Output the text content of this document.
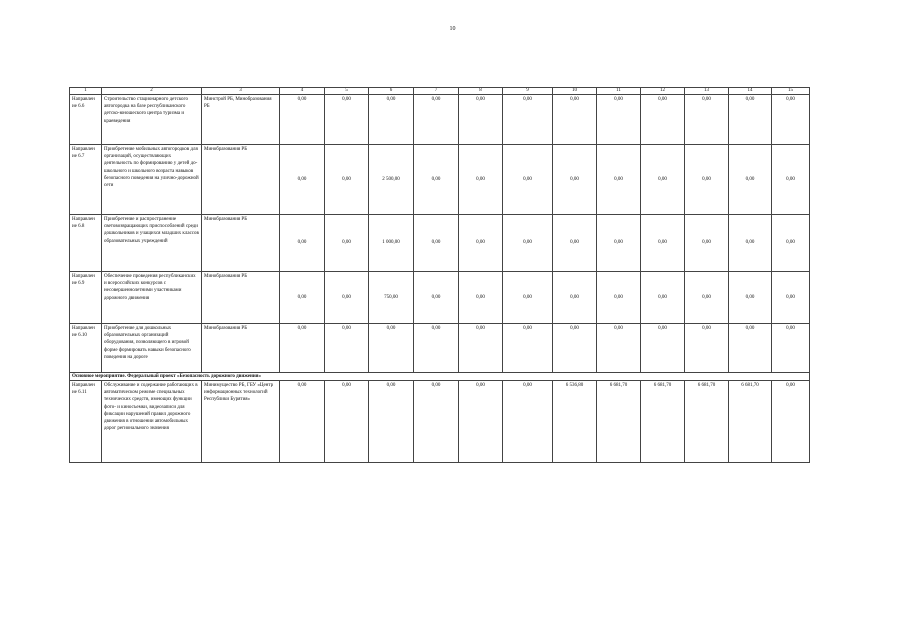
10
1	2	3	4	5	6	7	8	9	10	11	12	13	14	15
Направлен ие 6.6	Строительство стационарного детского автогородка на базе республиканского детско-юношеского центра туризма и краеведения	Минстрой РБ, Минобразования РБ	0,00	0,00	0,00	0,00	0,00	0,00	0,00	0,00	0,00	0,00	0,00	0,00
Направлен ие 6.7	Приобретение мобильных автогородков для организаций, осуществляющих деятельность по формированию у детей до-школьного и школьного возраста навыков безопасного поведения на улично-дорожной сети	Минобразования РБ	0,00	0,00	2 500,00	0,00	0,00	0,00	0,00	0,00	0,00	0,00	0,00	0,00
Направлен ие 6.8	Приобретение и распространение световозвращающих приспособлений среди дошкольников и учащихся младших классов образовательных учреждений	Минобразования РБ	0,00	0,00	1 000,00	0,00	0,00	0,00	0,00	0,00	0,00	0,00	0,00	0,00
Направлен ие 6.9	Обеспечение проведения республиканских и всероссийских конкурсов с несовершеннолетними участниками дорожного движения	Минобразования РБ	0,00	0,00	750,00	0,00	0,00	0,00	0,00	0,00	0,00	0,00	0,00	0,00
Направлен ие 6.10	Приобретение для дошкольных образовательных организаций оборудования, позволяющего в игровой форме формировать навыки безопасного поведения на дороге	Минобразования РБ	0,00	0,00	0,00	0,00	0,00	0,00	0,00	0,00	0,00	0,00	0,00	0,00
Основное мероприятие. Федеральный проект «Безопасность дорожного движения»														
Направлен ие 6.11	Обслуживание и содержание работающих в автоматическом режиме специальных технических средств, имеющих функции фото- и киносъемки, видеозаписи для фиксации нарушений правил дорожного движения в отношении автомобильных дорог регионального значения	Минимущество РБ, ГБУ «Центр информационных технологий Республики Бурятия»	0,00	0,00	0,00	0,00	0,00	0,00	6 536,80	6 681,70	6 681,70	6 681,70	6 681,70	0,00
